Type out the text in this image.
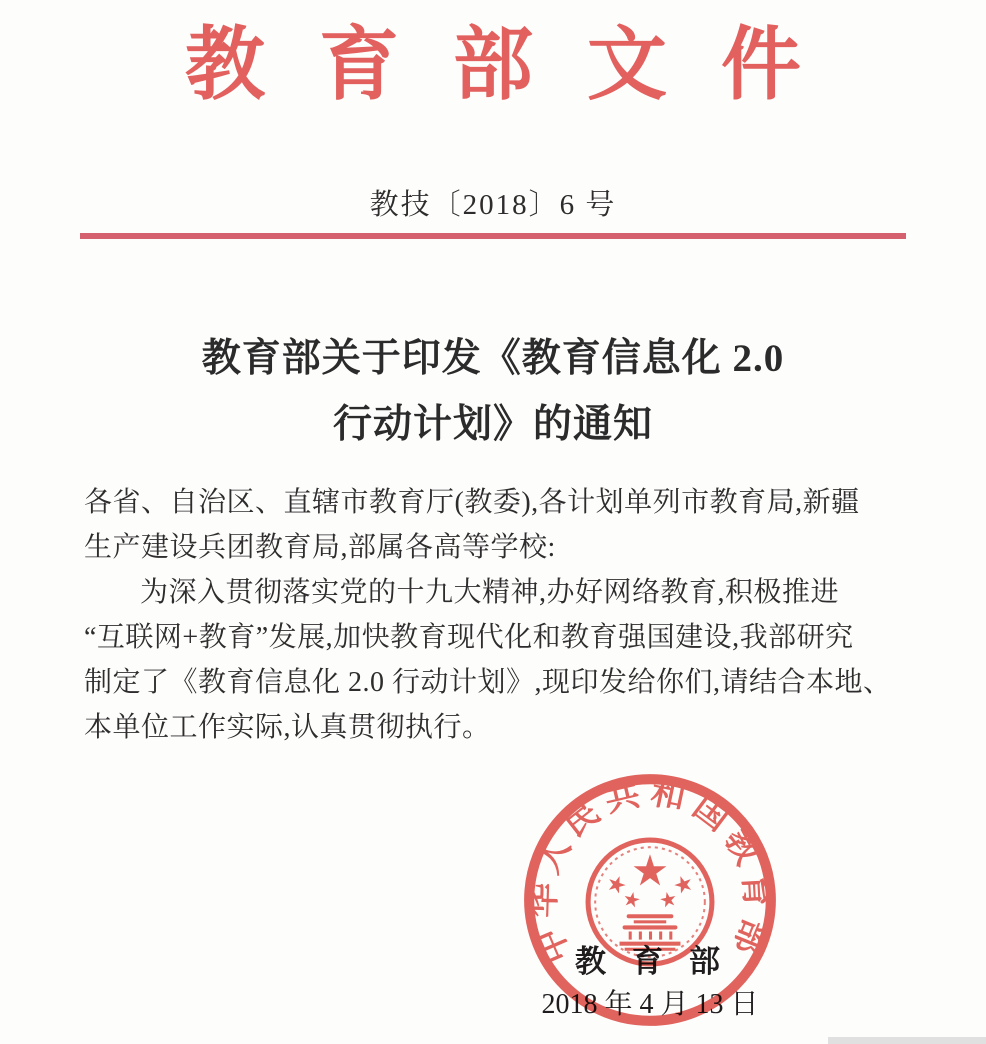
教育部文件
教技〔2018〕6 号
教育部关于印发《教育信息化 2.0
行动计划》的通知
各省、自治区、直辖市教育厅(教委),各计划单列市教育局,新疆
生产建设兵团教育局,部属各高等学校:
为深入贯彻落实党的十九大精神,办好网络教育,积极推进
“互联网+教育”发展,加快教育现代化和教育强国建设,我部研究
制定了《教育信息化 2.0 行动计划》,现印发给你们,请结合本地、
本单位工作实际,认真贯彻执行。
中华人民共和国教育部
教育部
2018 年 4 月 13 日
